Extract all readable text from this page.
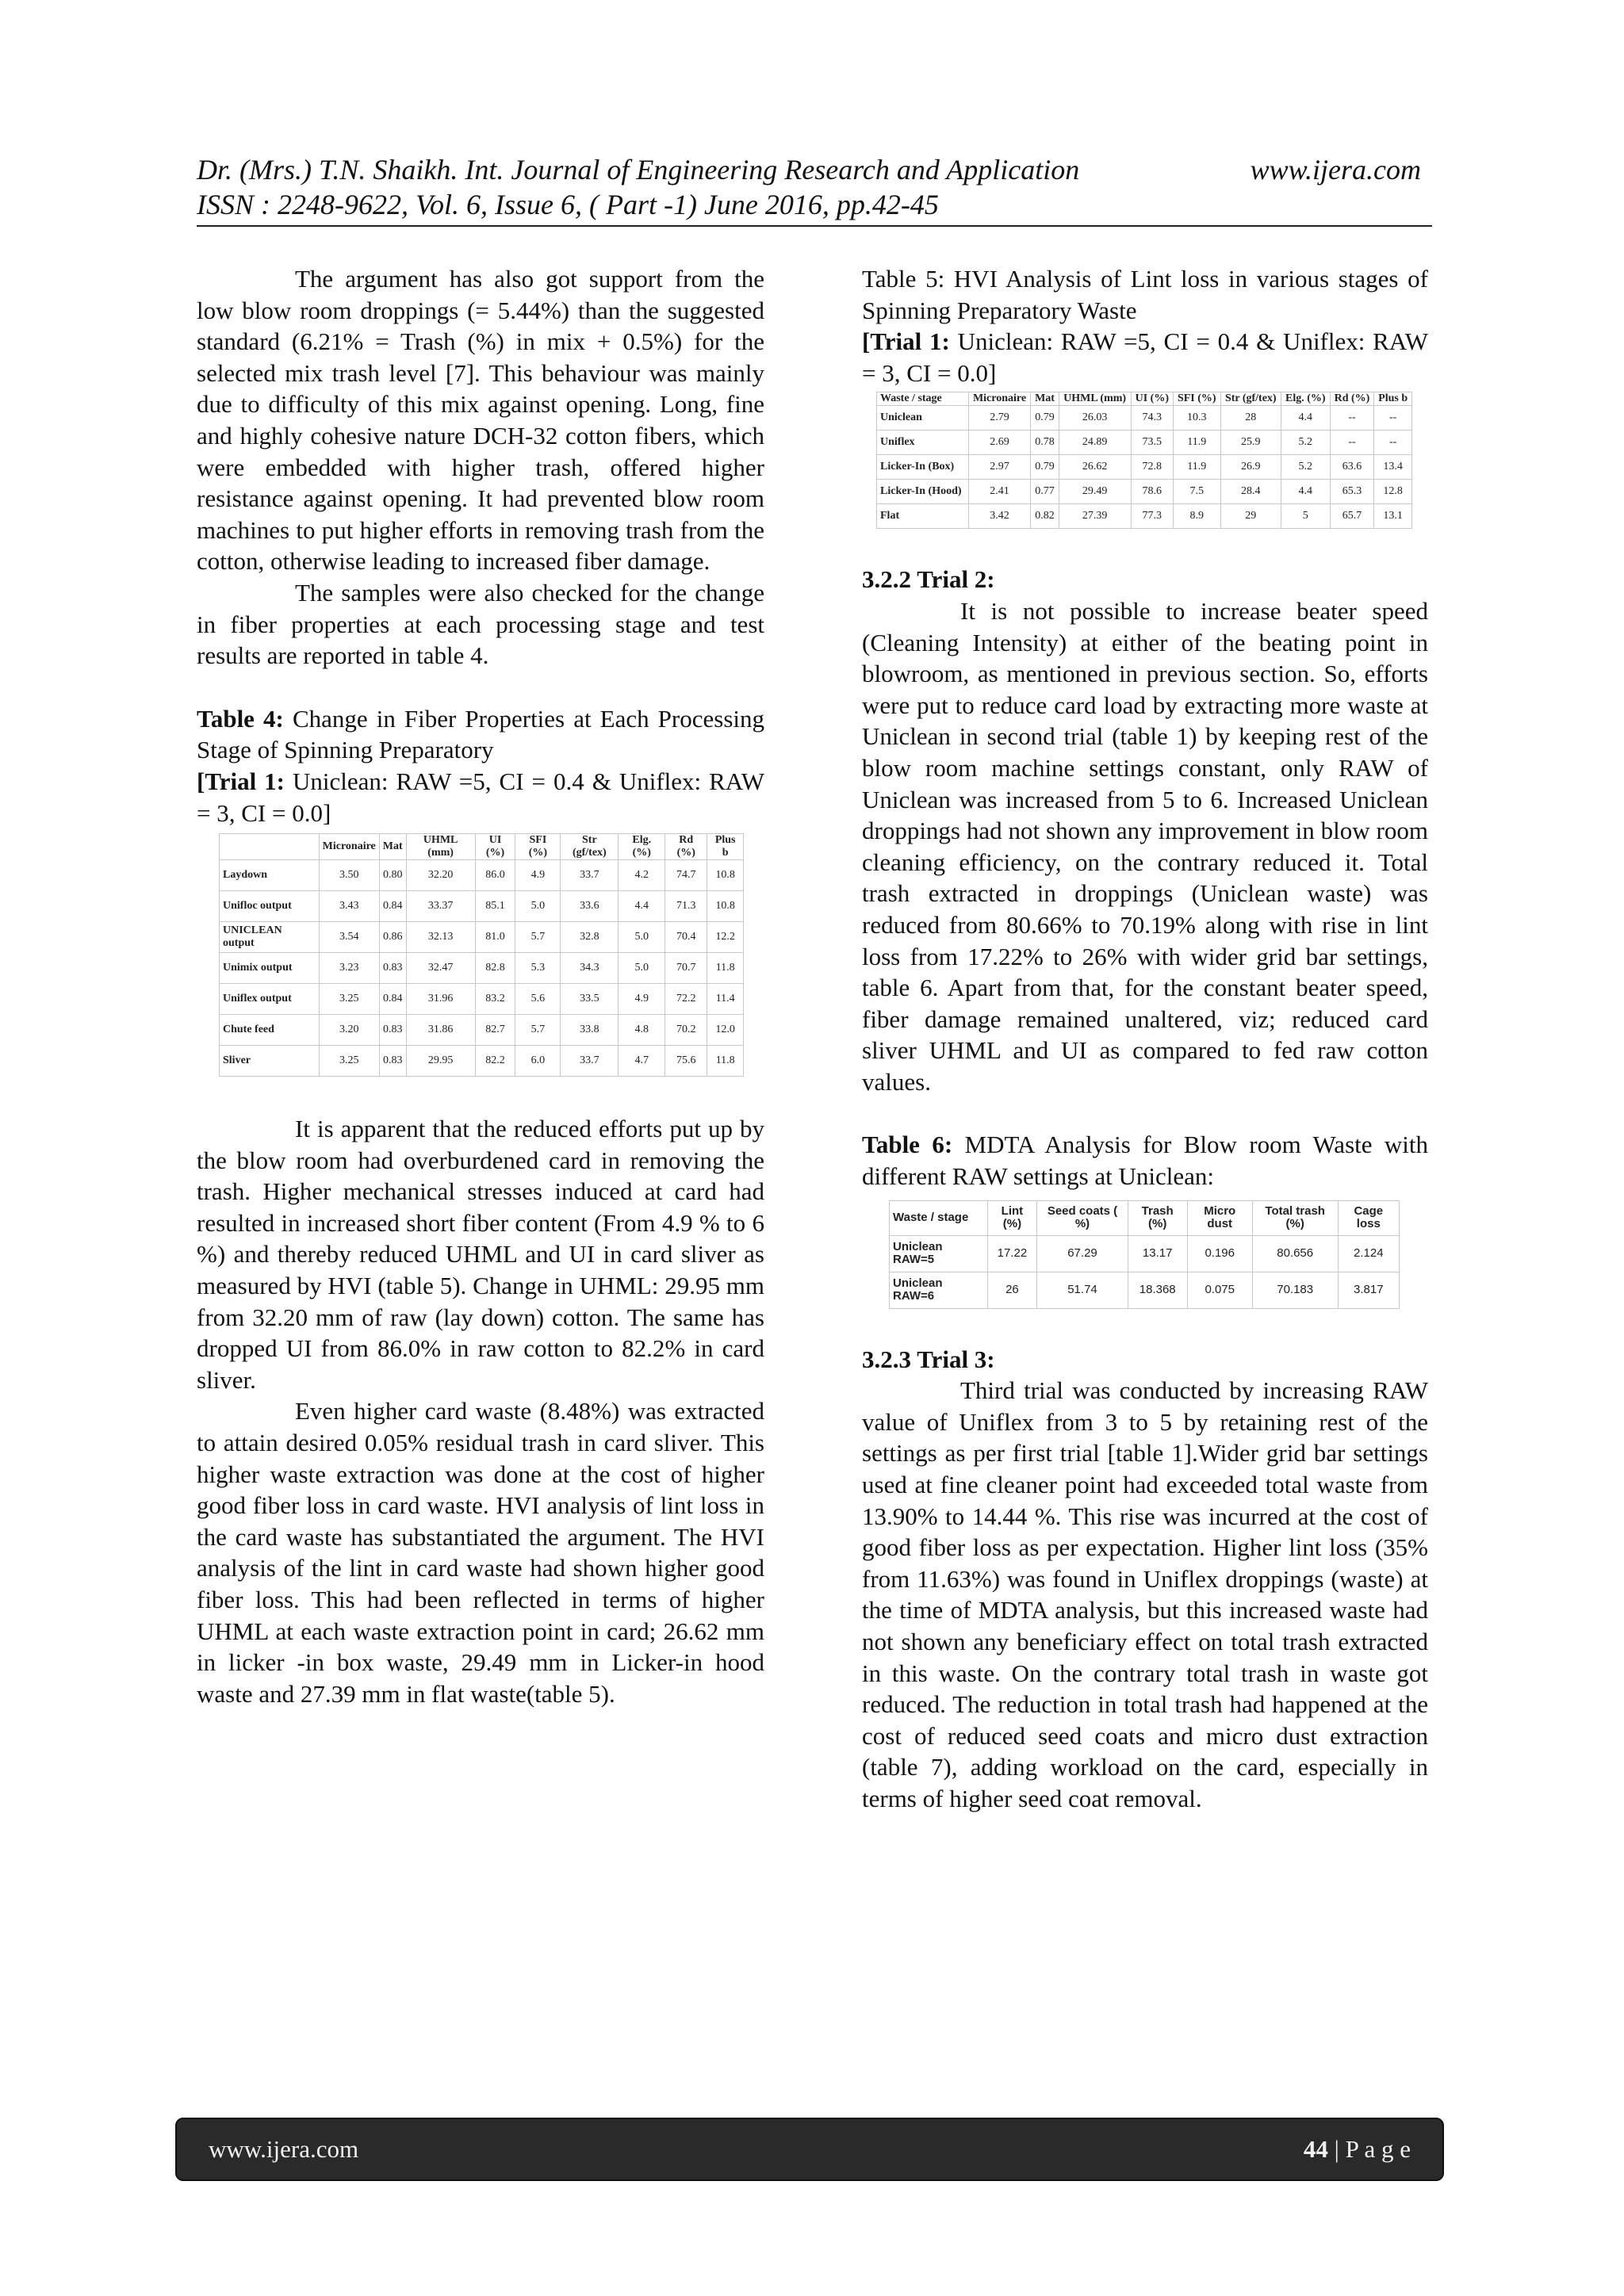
Dr. (Mrs.) T.N. Shaikh. Int. Journal of Engineering Research and Application	www.ijera.com
ISSN : 2248-9622, Vol. 6, Issue 6, ( Part -1) June 2016, pp.42-45

The argument has also got support from the low blow room droppings (= 5.44%) than the suggested standard (6.21% = Trash (%) in mix + 0.5%) for the selected mix trash level [7]. This behaviour was mainly due to difficulty of this mix against opening. Long, fine and highly cohesive nature DCH-32 cotton fibers, which were embedded with higher trash, offered higher resistance against opening. It had prevented blow room machines to put higher efforts in removing trash from the cotton, otherwise leading to increased fiber damage.

The samples were also checked for the change in fiber properties at each processing stage and test results are reported in table 4.

Table 4: Change in Fiber Properties at Each Processing Stage of Spinning Preparatory

[Trial 1: Uniclean: RAW =5, CI = 0.4 & Uniflex: RAW = 3, CI = 0.0]

	Micronaire	Mat	UHML (mm)	UI (%)	SFI (%)	Str (gf/tex)	Elg. (%)	Rd (%)	Plus b
Laydown	3.50	0.80	32.20	86.0	4.9	33.7	4.2	74.7	10.8
Unifloc output	3.43	0.84	33.37	85.1	5.0	33.6	4.4	71.3	10.8
UNICLEAN output	3.54	0.86	32.13	81.0	5.7	32.8	5.0	70.4	12.2
Unimix output	3.23	0.83	32.47	82.8	5.3	34.3	5.0	70.7	11.8
Uniflex output	3.25	0.84	31.96	83.2	5.6	33.5	4.9	72.2	11.4
Chute feed	3.20	0.83	31.86	82.7	5.7	33.8	4.8	70.2	12.0
Sliver	3.25	0.83	29.95	82.2	6.0	33.7	4.7	75.6	11.8

It is apparent that the reduced efforts put up by the blow room had overburdened card in removing the trash. Higher mechanical stresses induced at card had resulted in increased short fiber content (From 4.9 % to 6 %) and thereby reduced UHML and UI in card sliver as measured by HVI (table 5). Change in UHML: 29.95 mm from 32.20 mm of raw (lay down) cotton. The same has dropped UI from 86.0% in raw cotton to 82.2% in card sliver.

Even higher card waste (8.48%) was extracted to attain desired 0.05% residual trash in card sliver. This higher waste extraction was done at the cost of higher good fiber loss in card waste. HVI analysis of lint loss in the card waste has substantiated the argument. The HVI analysis of the lint in card waste had shown higher good fiber loss. This had been reflected in terms of higher UHML at each waste extraction point in card; 26.62 mm in licker -in box waste, 29.49 mm in Licker-in hood waste and 27.39 mm in flat waste(table 5).

Table 5: HVI Analysis of Lint loss in various stages of Spinning Preparatory Waste

[Trial 1: Uniclean: RAW =5, CI = 0.4 & Uniflex: RAW = 3, CI = 0.0]

Waste / stage	Micronaire	Mat	UHML (mm)	UI (%)	SFI (%)	Str (gf/tex)	Elg. (%)	Rd (%)	Plus b
Uniclean	2.79	0.79	26.03	74.3	10.3	28	4.4	--	--
Uniflex	2.69	0.78	24.89	73.5	11.9	25.9	5.2	--	--
Licker-In (Box)	2.97	0.79	26.62	72.8	11.9	26.9	5.2	63.6	13.4
Licker-In (Hood)	2.41	0.77	29.49	78.6	7.5	28.4	4.4	65.3	12.8
Flat	3.42	0.82	27.39	77.3	8.9	29	5	65.7	13.1

3.2.2 Trial 2:

It is not possible to increase beater speed (Cleaning Intensity) at either of the beating point in blowroom, as mentioned in previous section. So, efforts were put to reduce card load by extracting more waste at Uniclean in second trial (table 1) by keeping rest of the blow room machine settings constant, only RAW of Uniclean was increased from 5 to 6. Increased Uniclean droppings had not shown any improvement in blow room cleaning efficiency, on the contrary reduced it. Total trash extracted in droppings (Uniclean waste) was reduced from 80.66% to 70.19% along with rise in lint loss from 17.22% to 26% with wider grid bar settings, table 6. Apart from that, for the constant beater speed, fiber damage remained unaltered, viz; reduced card sliver UHML and UI as compared to fed raw cotton values.

Table 6: MDTA Analysis for Blow room Waste with different RAW settings at Uniclean:

Waste / stage	Lint (%)	Seed coats ( %)	Trash (%)	Micro dust	Total trash (%)	Cage loss
Uniclean RAW=5	17.22	67.29	13.17	0.196	80.656	2.124
Uniclean RAW=6	26	51.74	18.368	0.075	70.183	3.817

3.2.3 Trial 3:

Third trial was conducted by increasing RAW value of Uniflex from 3 to 5 by retaining rest of the settings as per first trial [table 1].Wider grid bar settings used at fine cleaner point had exceeded total waste from 13.90% to 14.44 %. This rise was incurred at the cost of good fiber loss as per expectation. Higher lint loss (35% from 11.63%) was found in Uniflex droppings (waste) at the time of MDTA analysis, but this increased waste had not shown any beneficiary effect on total trash extracted in this waste. On the contrary total trash in waste got reduced. The reduction in total trash had happened at the cost of reduced seed coats and micro dust extraction (table 7), adding workload on the card, especially in terms of higher seed coat removal.

www.ijera.com	44 | P a g e
